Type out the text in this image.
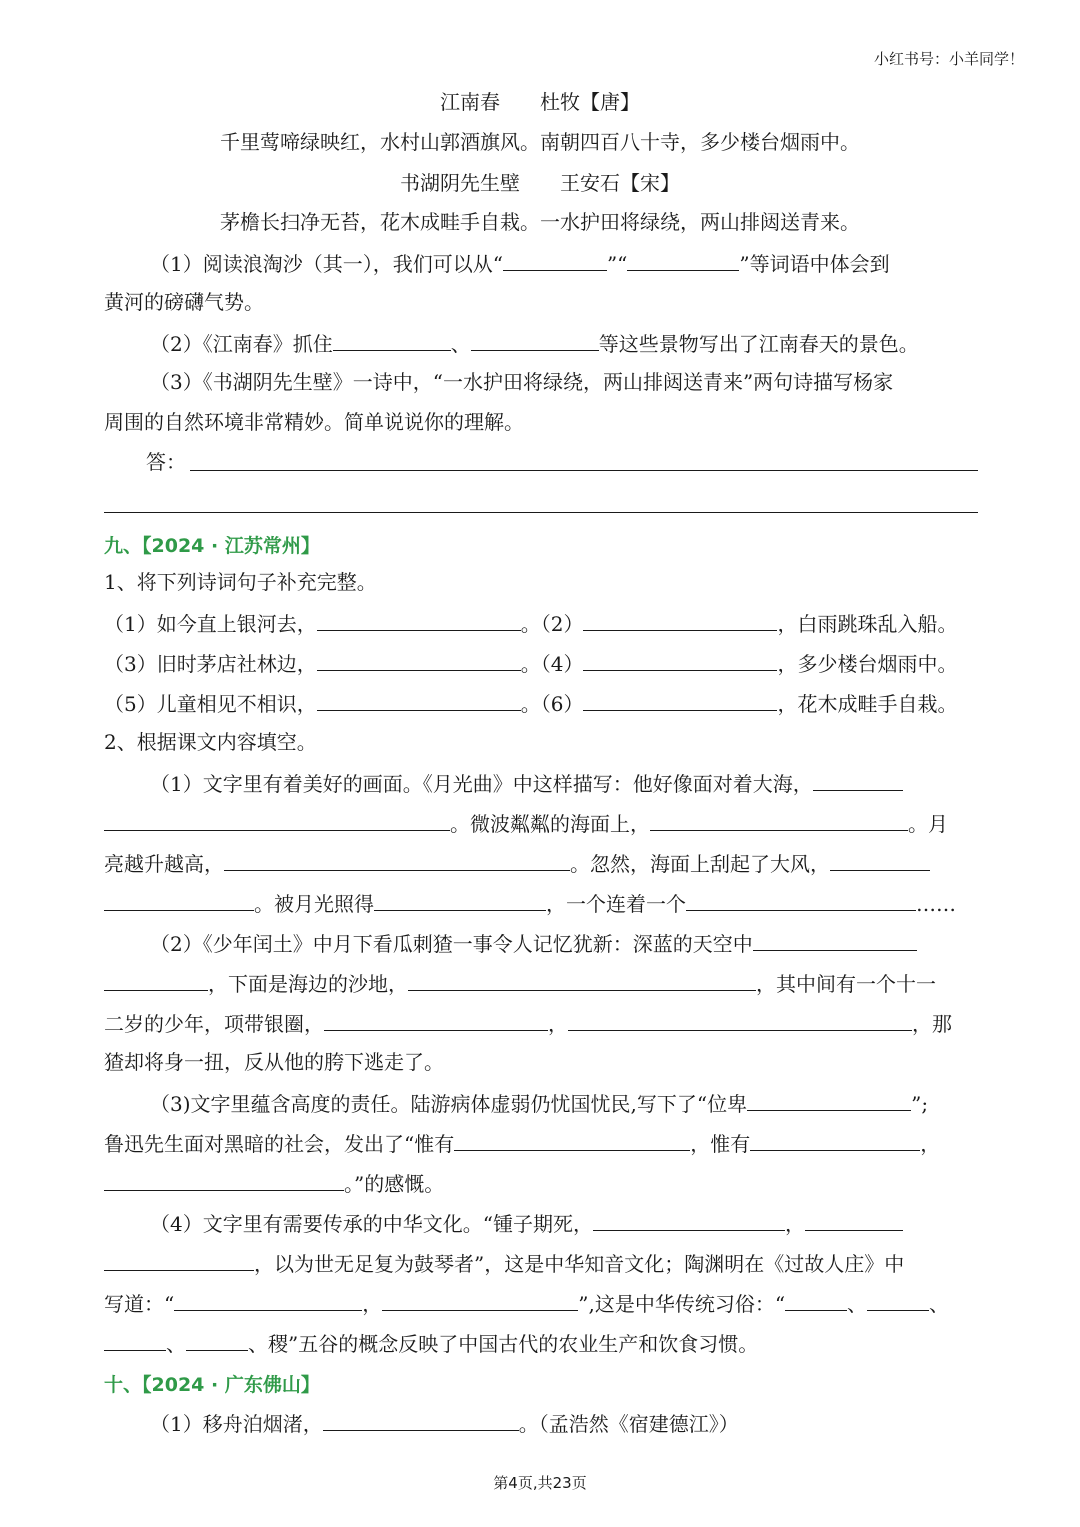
小红书号：小羊同学！
江南春　　杜牧【唐】
千里莺啼绿映红，水村山郭酒旗风。南朝四百八十寺，多少楼台烟雨中。
书湖阴先生壁　　王安石【宋】
茅檐长扫净无苔，花木成畦手自栽。一水护田将绿绕，两山排闼送青来。
（1）阅读浪淘沙（其一），我们可以从“	”“	”等词语中体会到
黄河的磅礴气势。
（2）《江南春》抓住	、	等这些景物写出了江南春天的景色。
（3）《书湖阴先生壁》一诗中，“一水护田将绿绕，两山排闼送青来”两句诗描写杨家
周围的自然环境非常精妙。简单说说你的理解。
答：
九、【2024 · 江苏常州】
1、将下列诗词句子补充完整。
（1）如今直上银河去，	。（2）	，白雨跳珠乱入船。
（3）旧时茅店社林边，	。（4）	，多少楼台烟雨中。
（5）儿童相见不相识，	。（6）	，花木成畦手自栽。
2、根据课文内容填空。
（1）文字里有着美好的画面。《月光曲》中这样描写：他好像面对着大海，
。微波粼粼的海面上，	。月
亮越升越高，	。忽然，海面上刮起了大风，
。被月光照得	，一个连着一个	……
（2）《少年闰土》中月下看瓜刺猹一事令人记忆犹新：深蓝的天空中
，下面是海边的沙地，	，其中间有一个十一
二岁的少年，项带银圈，	，	，那
猹却将身一扭，反从他的胯下逃走了。
（3)文字里蕴含高度的责任。陆游病体虚弱仍忧国忧民,写下了“位卑	”;
鲁迅先生面对黑暗的社会，发出了“惟有	，惟有	，
。”的感慨。
（4）文字里有需要传承的中华文化。“锺子期死，	，
，以为世无足复为鼓琴者”，这是中华知音文化；陶渊明在《过故人庄》中
写道：“	，	”,这是中华传统习俗：“	、	、
、	、稷”五谷的概念反映了中国古代的农业生产和饮食习惯。
十、【2024 · 广东佛山】
（1）移舟泊烟渚，	。（孟浩然《宿建德江》）
第4页,共23页
